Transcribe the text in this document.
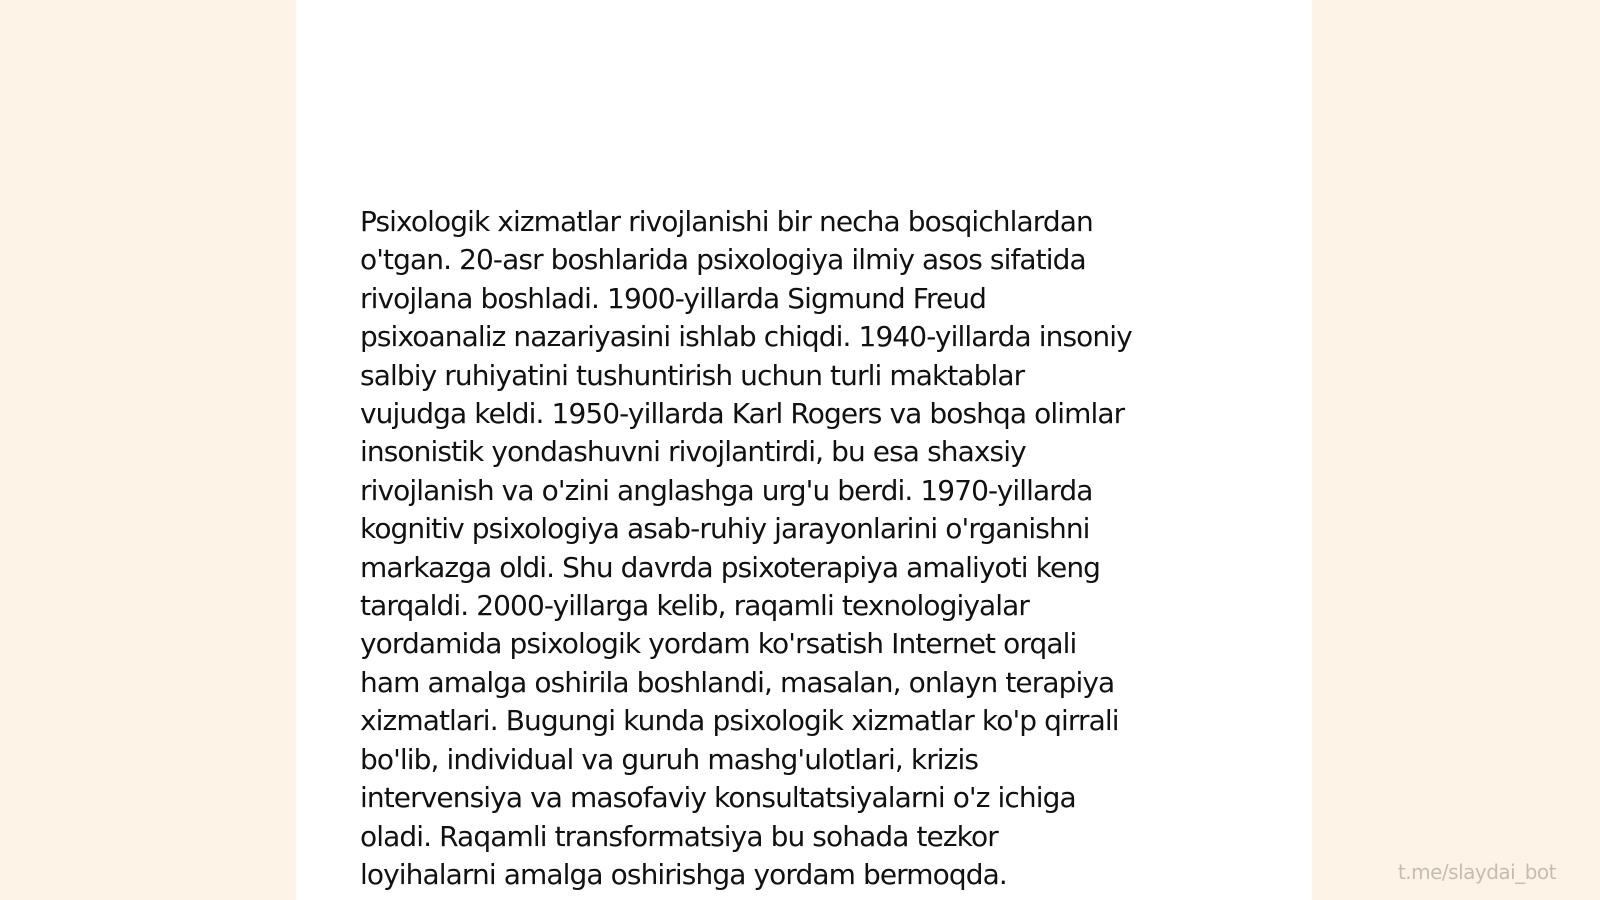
Psixologik xizmatlar rivojlanishi bir necha bosqichlardan
o'tgan. 20-asr boshlarida psixologiya ilmiy asos sifatida
rivojlana boshladi. 1900-yillarda Sigmund Freud
psixoanaliz nazariyasini ishlab chiqdi. 1940-yillarda insoniy
salbiy ruhiyatini tushuntirish uchun turli maktablar
vujudga keldi. 1950-yillarda Karl Rogers va boshqa olimlar
insonistik yondashuvni rivojlantirdi, bu esa shaxsiy
rivojlanish va o'zini anglashga urg'u berdi. 1970-yillarda
kognitiv psixologiya asab-ruhiy jarayonlarini o'rganishni
markazga oldi. Shu davrda psixoterapiya amaliyoti keng
tarqaldi. 2000-yillarga kelib, raqamli texnologiyalar
yordamida psixologik yordam ko'rsatish Internet orqali
ham amalga oshirila boshlandi, masalan, onlayn terapiya
xizmatlari. Bugungi kunda psixologik xizmatlar ko'p qirrali
bo'lib, individual va guruh mashg'ulotlari, krizis
intervensiya va masofaviy konsultatsiyalarni o'z ichiga
oladi. Raqamli transformatsiya bu sohada tezkor
loyihalarni amalga oshirishga yordam bermoqda.	t.me/slaydai_bot
